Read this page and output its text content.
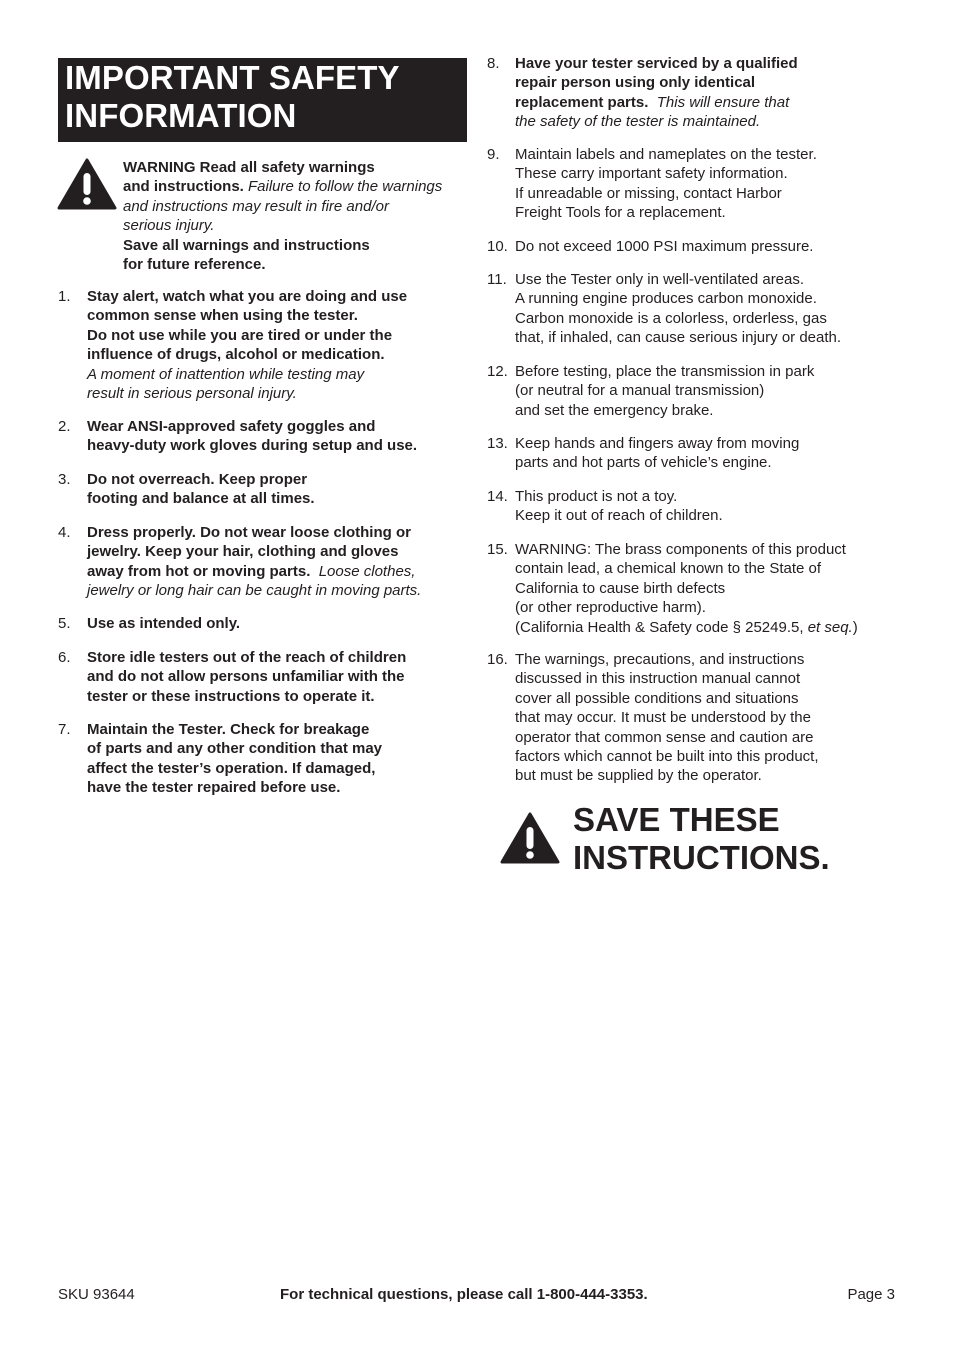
IMPORTANT SAFETY
INFORMATION
WARNING Read all safety warnings
and instructions. Failure to follow the warnings
and instructions may result in fire and/or
serious injury.
Save all warnings and instructions
for future reference.
1. Stay alert, watch what you are doing and use
common sense when using the tester.
Do not use while you are tired or under the
influence of drugs, alcohol or medication.
A moment of inattention while testing may
result in serious personal injury.
2. Wear ANSI-approved safety goggles and
heavy-duty work gloves during setup and use.
3. Do not overreach. Keep proper
footing and balance at all times.
4. Dress properly. Do not wear loose clothing or
jewelry. Keep your hair, clothing and gloves
away from hot or moving parts. Loose clothes,
jewelry or long hair can be caught in moving parts.
5. Use as intended only.
6. Store idle testers out of the reach of children
and do not allow persons unfamiliar with the
tester or these instructions to operate it.
7. Maintain the Tester. Check for breakage
of parts and any other condition that may
affect the tester’s operation. If damaged,
have the tester repaired before use.
8. Have your tester serviced by a qualified
repair person using only identical
replacement parts. This will ensure that
the safety of the tester is maintained.
9. Maintain labels and nameplates on the tester.
These carry important safety information.
If unreadable or missing, contact Harbor
Freight Tools for a replacement.
10. Do not exceed 1000 PSI maximum pressure.
11. Use the Tester only in well-ventilated areas.
A running engine produces carbon monoxide.
Carbon monoxide is a colorless, orderless, gas
that, if inhaled, can cause serious injury or death.
12. Before testing, place the transmission in park
(or neutral for a manual transmission)
and set the emergency brake.
13. Keep hands and fingers away from moving
parts and hot parts of vehicle’s engine.
14. This product is not a toy.
Keep it out of reach of children.
15. WARNING: The brass components of this product
contain lead, a chemical known to the State of
California to cause birth defects
(or other reproductive harm).
(California Health & Safety code § 25249.5, et seq.)
16. The warnings, precautions, and instructions
discussed in this instruction manual cannot
cover all possible conditions and situations
that may occur. It must be understood by the
operator that common sense and caution are
factors which cannot be built into this product,
but must be supplied by the operator.
SAVE THESE
INSTRUCTIONS.
SKU 93644	For technical questions, please call 1-800-444-3353.	Page 3
